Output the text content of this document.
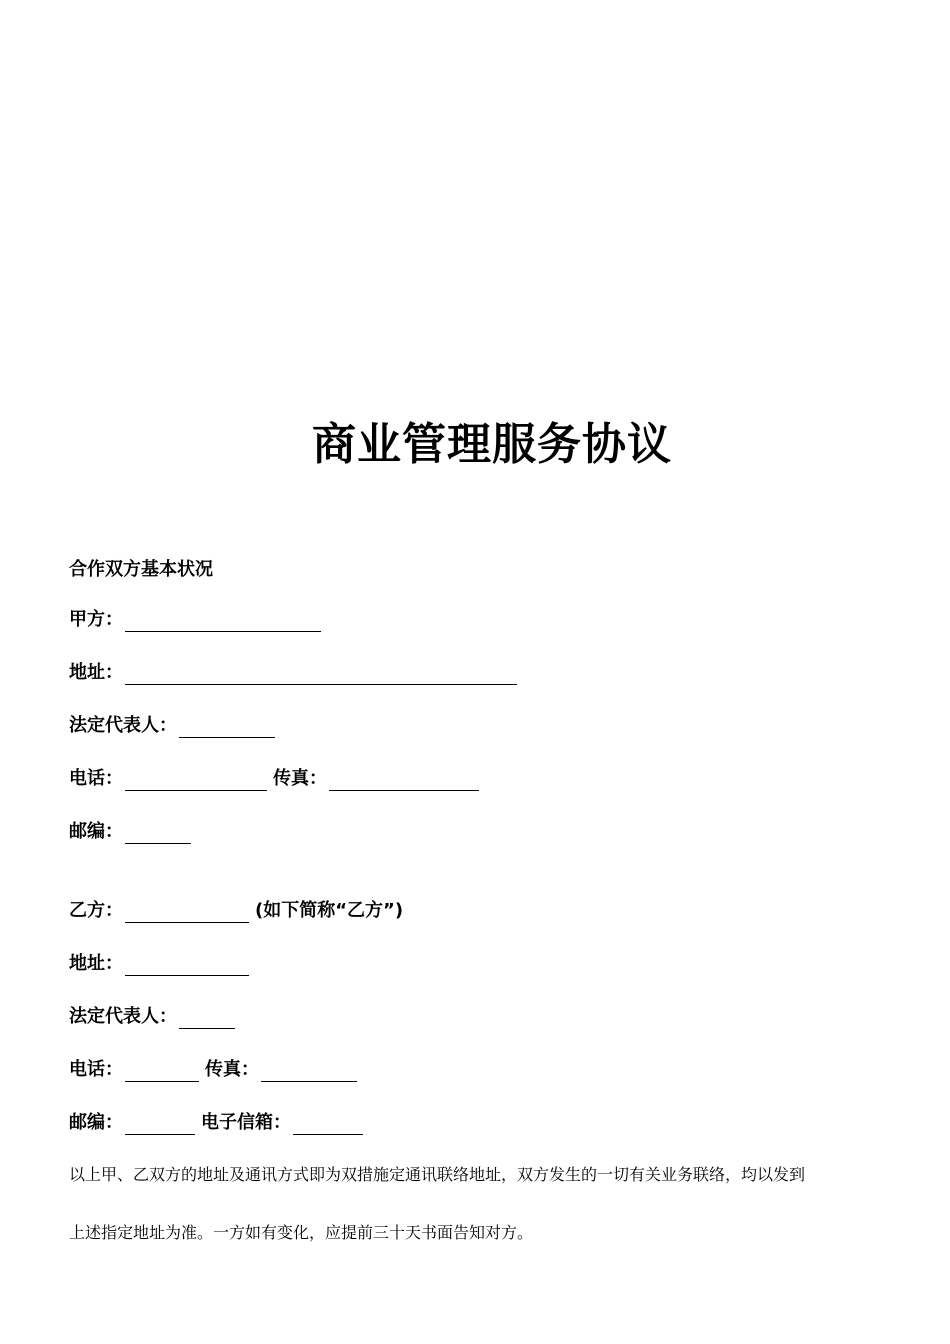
商业管理服务协议
合作双方基本状况
甲方：
地址：
法定代表人：
电话：	传真：
邮编：
乙方：	(如下简称“乙方”)
地址：
法定代表人：
电话：	传真：
邮编：	电子信箱：
以上甲、乙双方的地址及通讯方式即为双措施定通讯联络地址，双方发生的一切有关业务联络，均以发到
上述指定地址为准。一方如有变化，应提前三十天书面告知对方。
